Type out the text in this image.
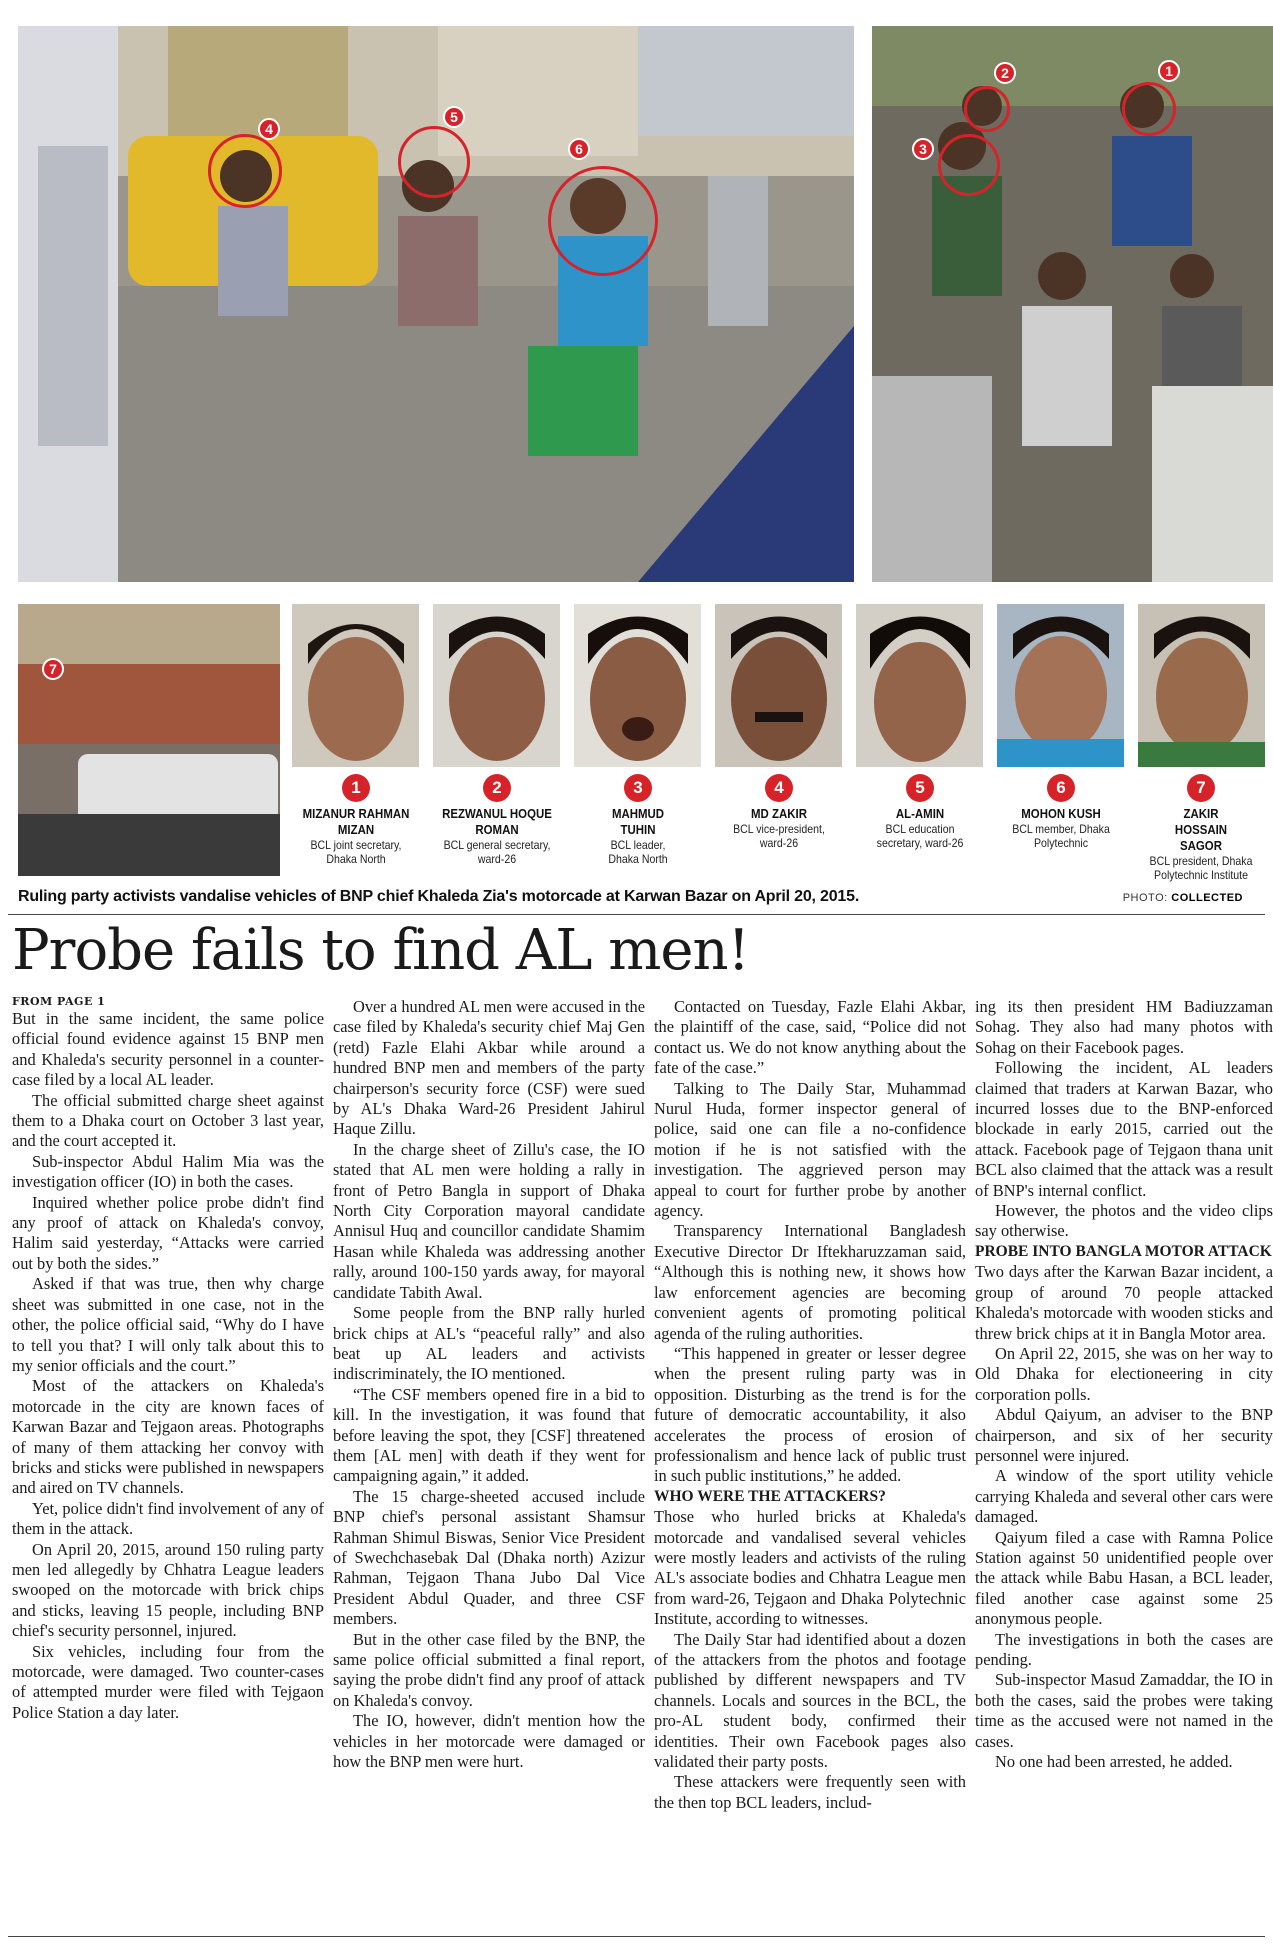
4
5
6
1
2
3
7
1
MIZANUR RAHMAN MIZAN
BCL joint secretary, Dhaka North
2
REZWANUL HOQUE ROMAN
BCL general secretary, ward-26
3
MAHMUD TUHIN
BCL leader, Dhaka North
4
MD ZAKIR
BCL vice-president, ward-26
5
AL-AMIN
BCL education secretary, ward-26
6
MOHON KUSH
BCL member, Dhaka Polytechnic
7
ZAKIR HOSSAIN SAGOR
BCL president, Dhaka Polytechnic Institute
Ruling party activists vandalise vehicles of BNP chief Khaleda Zia's motorcade at Karwan Bazar on April 20, 2015.	PHOTO: COLLECTED
Probe fails to find AL men!

FROM PAGE 1

But in the same incident, the same police official found evidence against 15 BNP men and Khaleda's security personnel in a counter-case filed by a local AL leader.

The official submitted charge sheet against them to a Dhaka court on October 3 last year, and the court accepted it.

Sub-inspector Abdul Halim Mia was the investigation officer (IO) in both the cases.

Inquired whether police probe didn't find any proof of attack on Khaleda's convoy, Halim said yesterday, “Attacks were carried out by both the sides.”

Asked if that was true, then why charge sheet was submitted in one case, not in the other, the police official said, “Why do I have to tell you that? I will only talk about this to my senior officials and the court.”

Most of the attackers on Khaleda's motorcade in the city are known faces of Karwan Bazar and Tejgaon areas. Photographs of many of them attacking her convoy with bricks and sticks were published in newspapers and aired on TV channels.

Yet, police didn't find involvement of any of them in the attack.

On April 20, 2015, around 150 ruling party men led allegedly by Chhatra League leaders swooped on the motorcade with brick chips and sticks, leaving 15 people, including BNP chief's security personnel, injured.

Six vehicles, including four from the motorcade, were damaged. Two counter-cases of attempted murder were filed with Tejgaon Police Station a day later.

Over a hundred AL men were accused in the case filed by Khaleda's security chief Maj Gen (retd) Fazle Elahi Akbar while around a hundred BNP men and members of the party chairperson's security force (CSF) were sued by AL's Dhaka Ward-26 President Jahirul Haque Zillu.

In the charge sheet of Zillu's case, the IO stated that AL men were holding a rally in front of Petro Bangla in support of Dhaka North City Corporation mayoral candidate Annisul Huq and councillor candidate Shamim Hasan while Khaleda was addressing another rally, around 100-150 yards away, for mayoral candidate Tabith Awal.

Some people from the BNP rally hurled brick chips at AL's “peaceful rally” and also beat up AL leaders and activists indiscriminately, the IO mentioned.

“The CSF members opened fire in a bid to kill. In the investigation, it was found that before leaving the spot, they [CSF] threatened them [AL men] with death if they went for campaigning again,” it added.

The 15 charge-sheeted accused include BNP chief's personal assistant Shamsur Rahman Shimul Biswas, Senior Vice President of Swechchasebak Dal (Dhaka north) Azizur Rahman, Tejgaon Thana Jubo Dal Vice President Abdul Quader, and three CSF members.

But in the other case filed by the BNP, the same police official submitted a final report, saying the probe didn't find any proof of attack on Khaleda's convoy.

The IO, however, didn't mention how the vehicles in her motorcade were damaged or how the BNP men were hurt.

Contacted on Tuesday, Fazle Elahi Akbar, the plaintiff of the case, said, “Police did not contact us. We do not know anything about the fate of the case.”

Talking to The Daily Star, Muhammad Nurul Huda, former inspector general of police, said one can file a no-confidence motion if he is not satisfied with the investigation. The aggrieved person may appeal to court for further probe by another agency.

Transparency International Bangladesh Executive Director Dr Iftekharuzzaman said, “Although this is nothing new, it shows how law enforcement agencies are becoming convenient agents of promoting political agenda of the ruling authorities.

“This happened in greater or lesser degree when the present ruling party was in opposition. Disturbing as the trend is for the future of democratic accountability, it also accelerates the process of erosion of professionalism and hence lack of public trust in such public institutions,” he added.

WHO WERE THE ATTACKERS?

Those who hurled bricks at Khaleda's motorcade and vandalised several vehicles were mostly leaders and activists of the ruling AL's associate bodies and Chhatra League men from ward-26, Tejgaon and Dhaka Polytechnic Institute, according to witnesses.

The Daily Star had identified about a dozen of the attackers from the photos and footage published by different newspapers and TV channels. Locals and sources in the BCL, the pro-AL student body, confirmed their identities. Their own Facebook pages also validated their party posts.

These attackers were frequently seen with the then top BCL leaders, includ-

ing its then president HM Badiuzzaman Sohag. They also had many photos with Sohag on their Facebook pages.

Following the incident, AL leaders claimed that traders at Karwan Bazar, who incurred losses due to the BNP-enforced blockade in early 2015, carried out the attack. Facebook page of Tejgaon thana unit BCL also claimed that the attack was a result of BNP's internal conflict.

However, the photos and the video clips say otherwise.

PROBE INTO BANGLA MOTOR ATTACK

Two days after the Karwan Bazar incident, a group of around 70 people attacked Khaleda's motorcade with wooden sticks and threw brick chips at it in Bangla Motor area.

On April 22, 2015, she was on her way to Old Dhaka for electioneering in city corporation polls.

Abdul Qaiyum, an adviser to the BNP chairperson, and six of her security personnel were injured.

A window of the sport utility vehicle carrying Khaleda and several other cars were damaged.

Qaiyum filed a case with Ramna Police Station against 50 unidentified people over the attack while Babu Hasan, a BCL leader, filed another case against some 25 anonymous people.

The investigations in both the cases are pending.

Sub-inspector Masud Zamaddar, the IO in both the cases, said the probes were taking time as the accused were not named in the cases.

No one had been arrested, he added.
